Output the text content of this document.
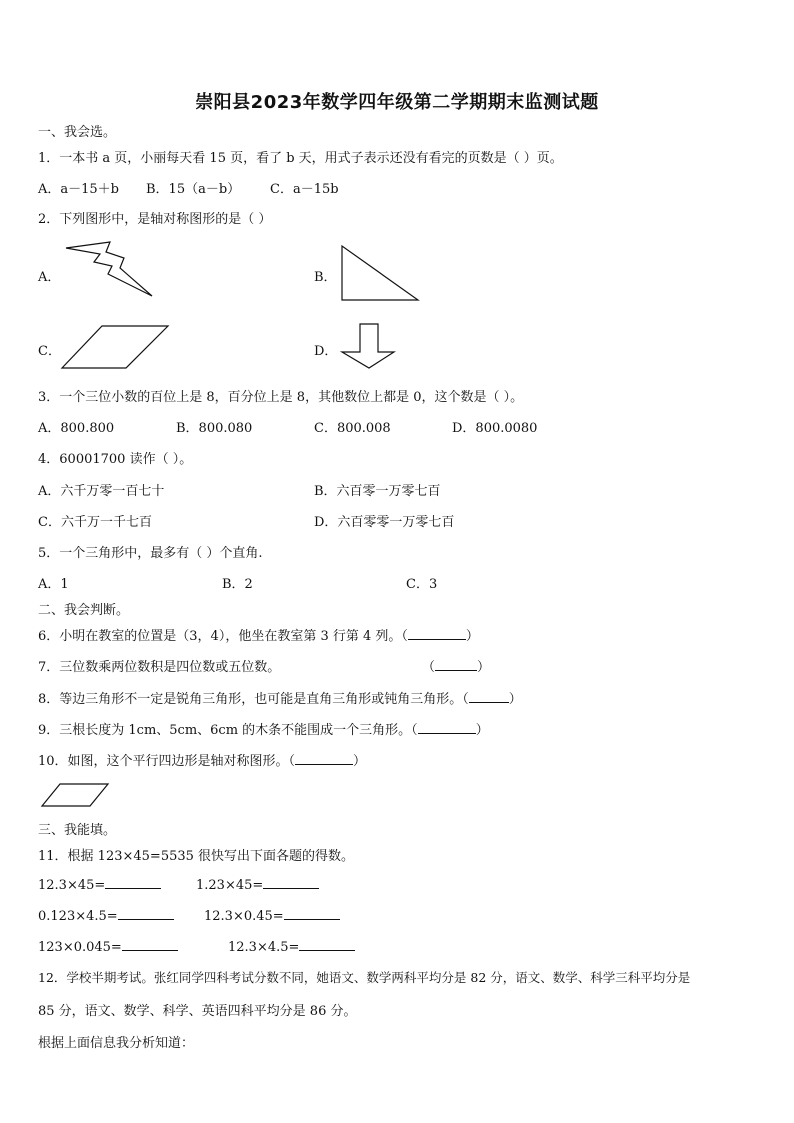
崇阳县2023年数学四年级第二学期期末监测试题
一、我会选。
1．一本书 a 页，小丽每天看 15 页，看了 b 天，用式子表示还没有看完的页数是（ ）页。
A．a－15＋b B．15（a－b） C．a－15b
2．下列图形中，是轴对称图形的是（ ）
A．	B．
C．	D．
3．一个三位小数的百位上是 8，百分位上是 8，其他数位上都是 0，这个数是（ ）。
A．800.800	B．800.080	C．800.008	D．800.0080
4．60001700 读作（ ）。
A．六千万零一百七十	B．六百零一万零七百
C．六千万一千七百	D．六百零零一万零七百
5．一个三角形中，最多有（ ）个直角.
A．1	B．2	C．3
二、我会判断。
6．小明在教室的位置是（3，4），他坐在教室第 3 行第 4 列。（	）
7．三位数乘两位数积是四位数或五位数。	（	）
8．等边三角形不一定是锐角三角形，也可能是直角三角形或钝角三角形。（	）
9．三根长度为 1cm、5cm、6cm 的木条不能围成一个三角形。（	）
10．如图，这个平行四边形是轴对称图形。（	）
三、我能填。
11．根据 123×45=5535 很快写出下面各题的得数。
12.3×45=	1.23×45=
0.123×4.5=	12.3×0.45=
123×0.045=	12.3×4.5=
12．学校半期考试。张红同学四科考试分数不同，她语文、数学两科平均分是 82 分，语文、数学、科学三科平均分是
85 分，语文、数学、科学、英语四科平均分是 86 分。
根据上面信息我分析知道：
